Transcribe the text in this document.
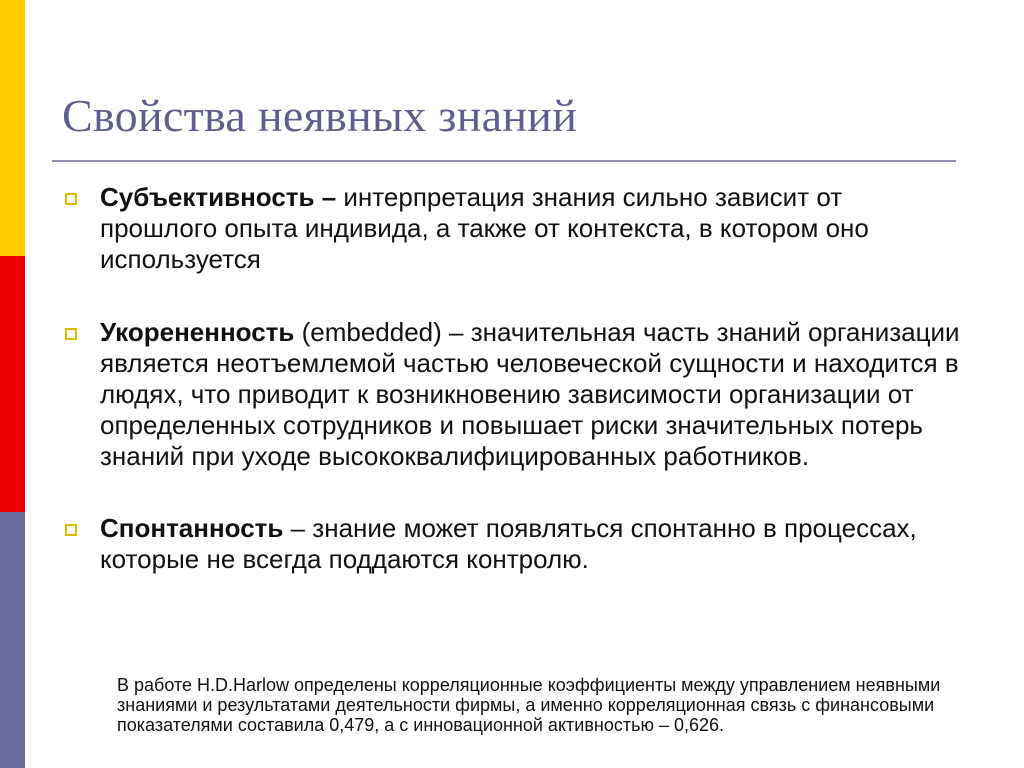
Свойства неявных знаний
Субъективность – интерпретация знания сильно зависит от прошлого опыта индивида, а также от контекста, в котором оно используется
Укорененность (embedded) – значительная часть знаний организации является неотъемлемой частью человеческой сущности и находится в людях, что приводит к возникновению зависимости организации от определенных сотрудников и повышает риски значительных потерь знаний при уходе высококвалифицированных работников.
Спонтанность – знание может появляться спонтанно в процессах, которые не всегда поддаются контролю.
В работе H.D.Harlow определены корреляционные коэффициенты между управлением неявными знаниями и результатами деятельности фирмы, а именно корреляционная связь с финансовыми показателями составила 0,479, а с инновационной активностью – 0,626.
